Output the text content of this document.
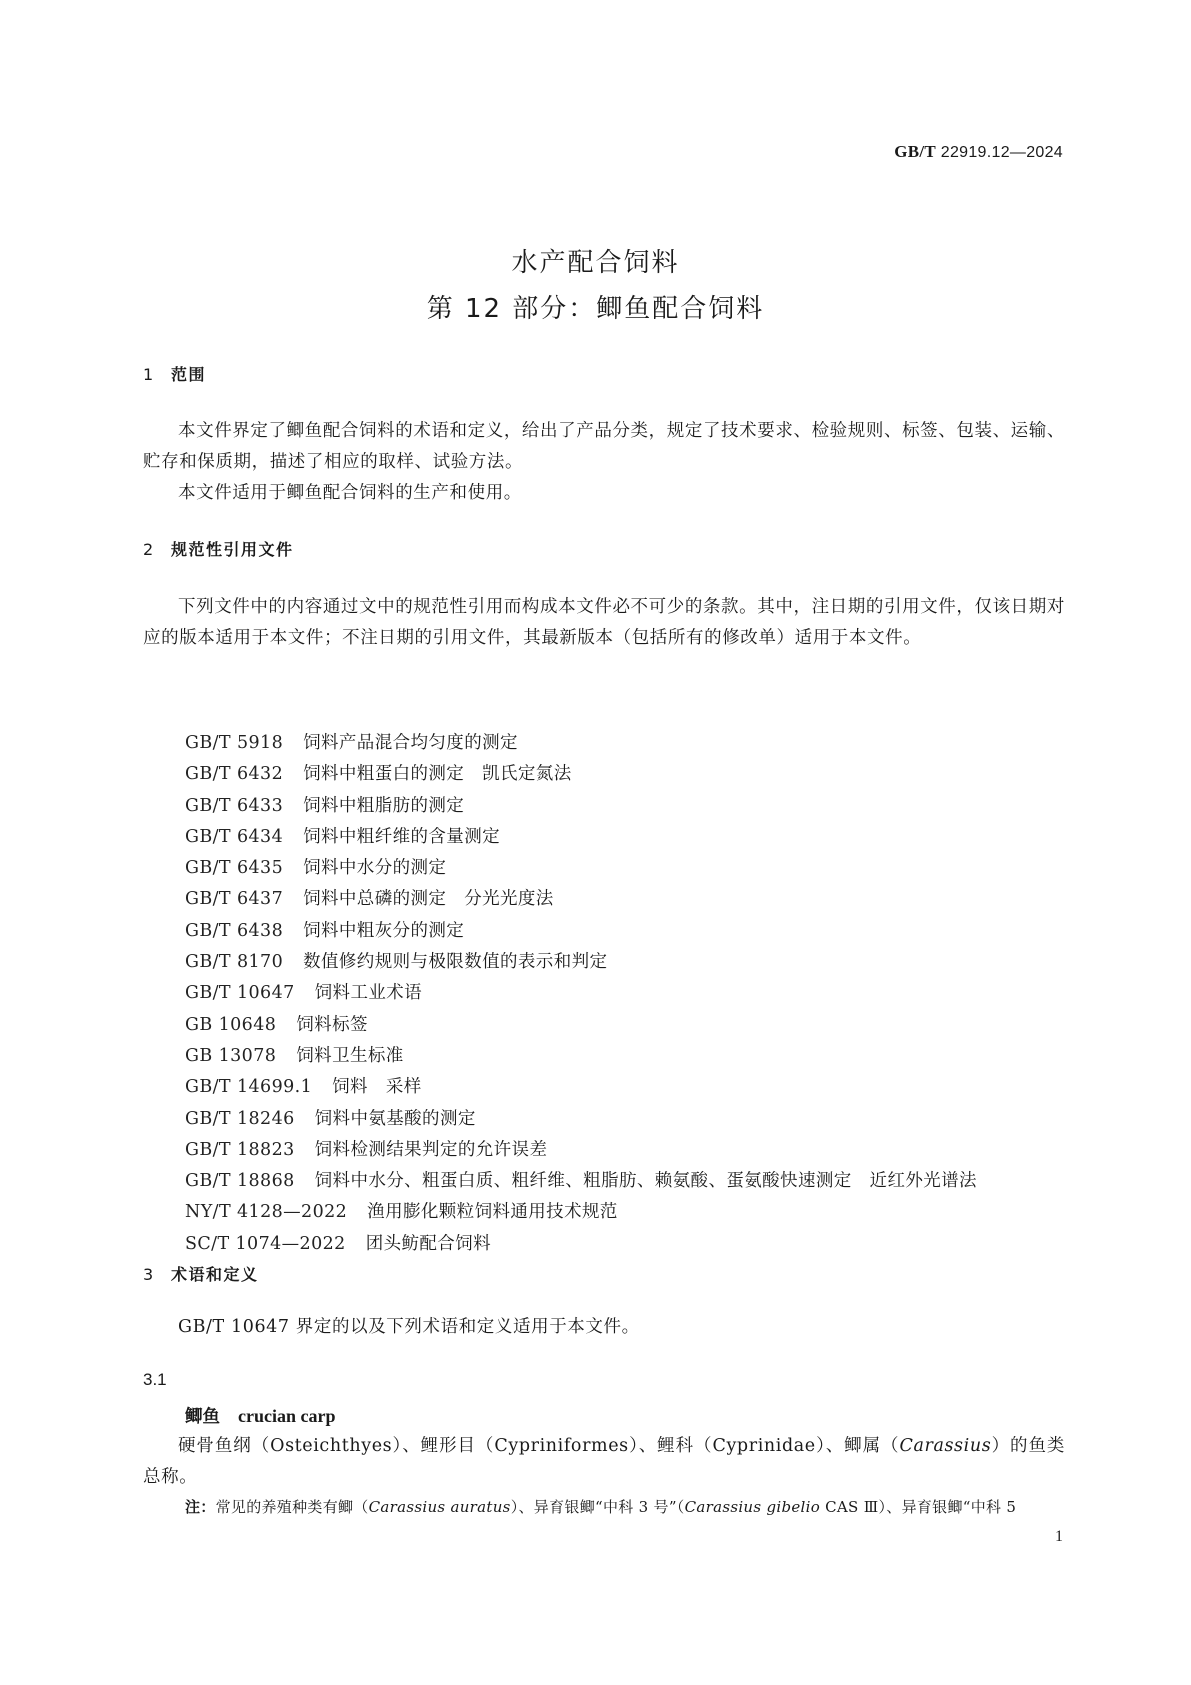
GB/T 22919.12—2024
水产配合饲料
第 12 部分：鲫鱼配合饲料
1 范围
本文件界定了鲫鱼配合饲料的术语和定义，给出了产品分类，规定了技术要求、检验规则、标签、包装、运输、贮存和保质期，描述了相应的取样、试验方法。
本文件适用于鲫鱼配合饲料的生产和使用。
2 规范性引用文件
下列文件中的内容通过文中的规范性引用而构成本文件必不可少的条款。其中，注日期的引用文件，仅该日期对应的版本适用于本文件；不注日期的引用文件，其最新版本（包括所有的修改单）适用于本文件。
GB/T 5918 饲料产品混合均匀度的测定
GB/T 6432 饲料中粗蛋白的测定　凯氏定氮法
GB/T 6433 饲料中粗脂肪的测定
GB/T 6434 饲料中粗纤维的含量测定
GB/T 6435 饲料中水分的测定
GB/T 6437 饲料中总磷的测定　分光光度法
GB/T 6438 饲料中粗灰分的测定
GB/T 8170 数值修约规则与极限数值的表示和判定
GB/T 10647 饲料工业术语
GB 10648 饲料标签
GB 13078 饲料卫生标准
GB/T 14699.1 饲料　采样
GB/T 18246 饲料中氨基酸的测定
GB/T 18823 饲料检测结果判定的允许误差
GB/T 18868 饲料中水分、粗蛋白质、粗纤维、粗脂肪、赖氨酸、蛋氨酸快速测定　近红外光谱法
NY/T 4128—2022 渔用膨化颗粒饲料通用技术规范
SC/T 1074—2022 团头鲂配合饲料
3 术语和定义
GB/T 10647 界定的以及下列术语和定义适用于本文件。
3.1
鲫鱼 crucian carp
硬骨鱼纲（Osteichthyes）、鲤形目（Cypriniformes）、鲤科（Cyprinidae）、鲫属（Carassius）的鱼类总称。
注：常见的养殖种类有鲫（Carassius auratus）、异育银鲫“中科 3 号”（Carassius gibelio CAS Ⅲ）、异育银鲫“中科 5
1
